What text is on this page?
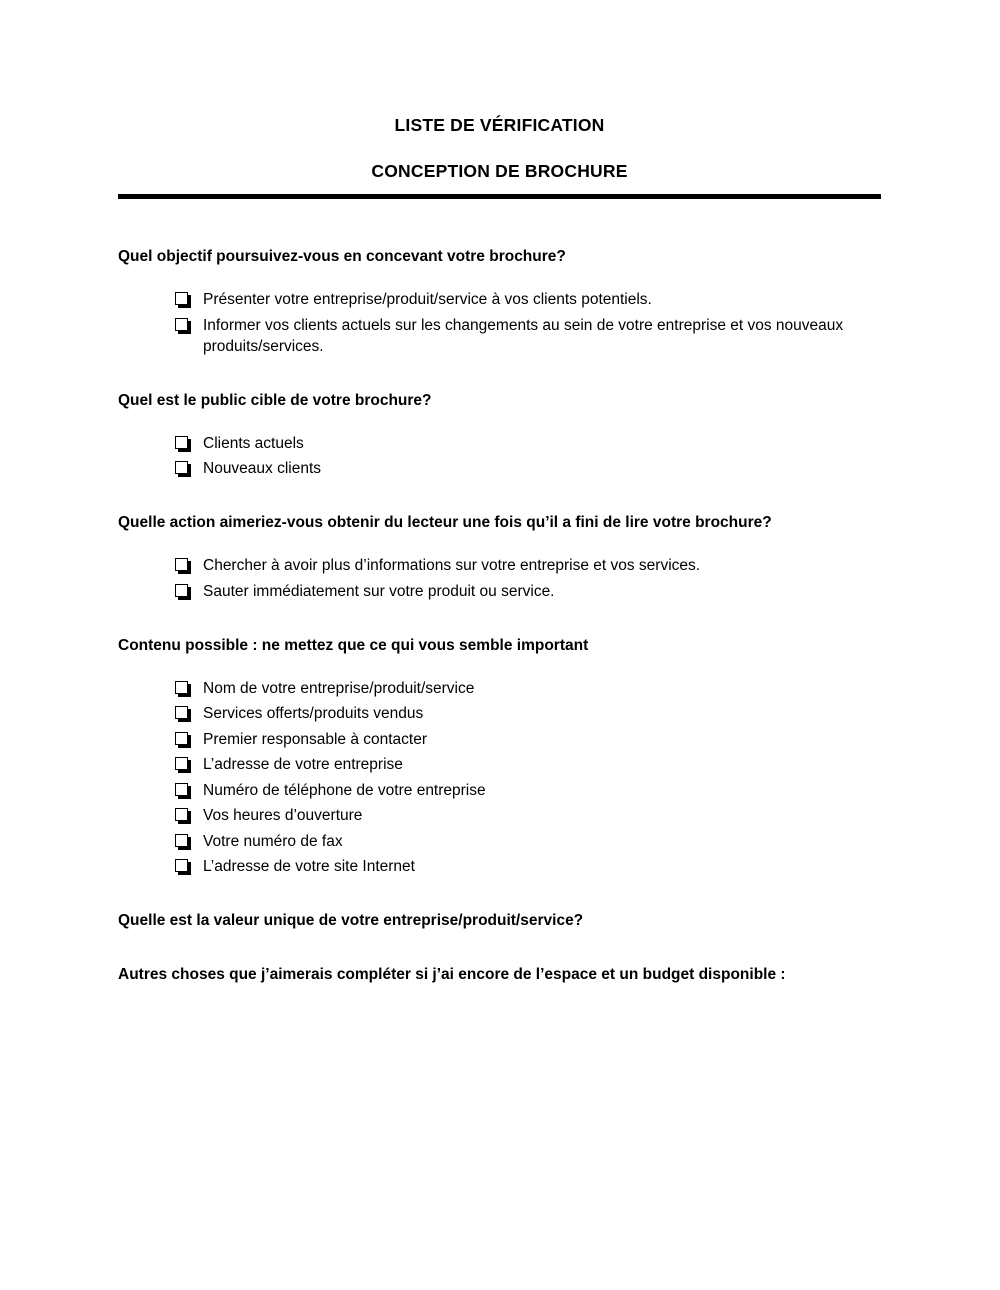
LISTE DE VÉRIFICATION
CONCEPTION DE BROCHURE
Quel objectif poursuivez-vous en concevant votre brochure?
Présenter votre entreprise/produit/service à vos clients potentiels.
Informer vos clients actuels sur les changements au sein de votre entreprise et vos nouveaux produits/services.
Quel est le public cible de votre brochure?
Clients actuels
Nouveaux clients
Quelle action aimeriez-vous obtenir du lecteur une fois qu’il a fini de lire votre brochure?
Chercher à avoir plus d’informations sur votre entreprise et vos services.
Sauter immédiatement sur votre produit ou service.
Contenu possible : ne mettez que ce qui vous semble important
Nom de votre entreprise/produit/service
Services offerts/produits vendus
Premier responsable à contacter
L’adresse de votre entreprise
Numéro de téléphone de votre entreprise
Vos heures d’ouverture
Votre numéro de fax
L’adresse de votre site Internet
Quelle est la valeur unique de votre entreprise/produit/service?
Autres choses que j’aimerais compléter si j’ai encore de l’espace et un budget disponible :
